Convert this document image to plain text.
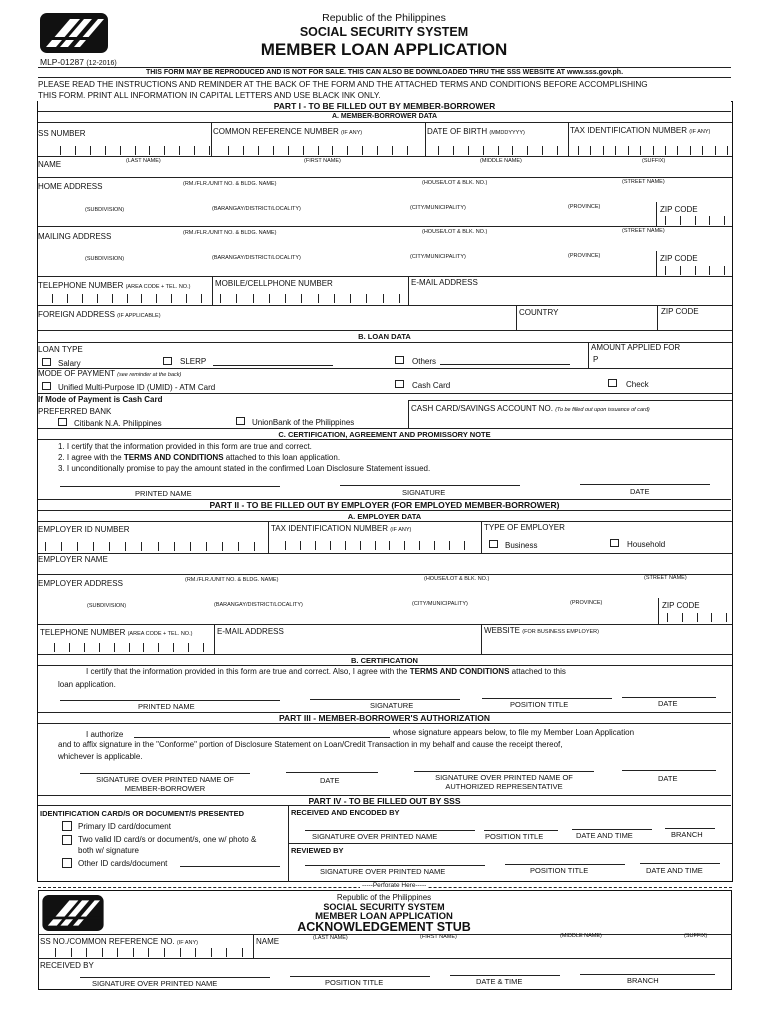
Republic of the Philippines
SOCIAL SECURITY SYSTEM
MEMBER LOAN APPLICATION
MLP-01287 (12-2016)
THIS FORM MAY BE REPRODUCED AND IS NOT FOR SALE. THIS CAN ALSO BE DOWNLOADED THRU THE SSS WEBSITE AT www.sss.gov.ph.
PLEASE READ THE INSTRUCTIONS AND REMINDER AT THE BACK OF THE FORM AND THE ATTACHED TERMS AND CONDITIONS BEFORE ACCOMPLISHING
THIS FORM. PRINT ALL INFORMATION IN CAPITAL LETTERS AND USE BLACK INK ONLY.
PART I - TO BE FILLED OUT BY MEMBER-BORROWER
A. MEMBER-BORROWER DATA
SS NUMBER	COMMON REFERENCE NUMBER (IF ANY)	DATE OF BIRTH (MMDDYYYY)	TAX IDENTIFICATION NUMBER (IF ANY)
NAME	(LAST NAME)	(FIRST NAME)	(MIDDLE NAME)	(SUFFIX)
HOME ADDRESS	(RM./FLR./UNIT NO. & BLDG. NAME)	(HOUSE/LOT & BLK. NO.)	(STREET NAME)
(SUBDIVISION)	(BARANGAY/DISTRICT/LOCALITY)	(CITY/MUNICIPALITY)	(PROVINCE)	ZIP CODE
MAILING ADDRESS	(RM./FLR./UNIT NO. & BLDG. NAME)	(HOUSE/LOT & BLK. NO.)	(STREET NAME)
(SUBDIVISION)	(BARANGAY/DISTRICT/LOCALITY)	(CITY/MUNICIPALITY)	(PROVINCE)	ZIP CODE
TELEPHONE NUMBER (AREA CODE + TEL. NO.)	MOBILE/CELLPHONE NUMBER	E-MAIL ADDRESS
FOREIGN ADDRESS (IF APPLICABLE)	COUNTRY	ZIP CODE
B. LOAN DATA
LOAN TYPE	AMOUNT APPLIED FOR
P
Salary	SLERP	Others
MODE OF PAYMENT (see reminder at the back)
Unified Multi-Purpose ID (UMID) - ATM Card	Cash Card	Check
If Mode of Payment is Cash Card
PREFERRED BANK	CASH CARD/SAVINGS ACCOUNT NO. (To be filled out upon issuance of card)
Citibank N.A. Philippines	UnionBank of the Philippines
C. CERTIFICATION, AGREEMENT AND PROMISSORY NOTE
1. I certify that the information provided in this form are true and correct.
2. I agree with the TERMS AND CONDITIONS attached to this loan application.
3. I unconditionally promise to pay the amount stated in the confirmed Loan Disclosure Statement issued.
PRINTED NAME	SIGNATURE	DATE
PART II - TO BE FILLED OUT BY EMPLOYER (FOR EMPLOYED MEMBER-BORROWER)
A. EMPLOYER DATA
EMPLOYER ID NUMBER	TAX IDENTIFICATION NUMBER (IF ANY)	TYPE OF EMPLOYER
Business	Household
EMPLOYER NAME
EMPLOYER ADDRESS	(RM./FLR./UNIT NO. & BLDG. NAME)	(HOUSE/LOT & BLK. NO.)	(STREET NAME)
(SUBDIVISION)	(BARANGAY/DISTRICT/LOCALITY)	(CITY/MUNICIPALITY)	(PROVINCE)	ZIP CODE
TELEPHONE NUMBER (AREA CODE + TEL. NO.)	E-MAIL ADDRESS	WEBSITE (FOR BUSINESS EMPLOYER)
B. CERTIFICATION
I certify that the information provided in this form are true and correct. Also, I agree with the TERMS AND CONDITIONS attached to this
loan application.
PRINTED NAME	SIGNATURE	POSITION TITLE	DATE
PART III - MEMBER-BORROWER'S AUTHORIZATION
I authorize	whose signature appears below, to file my Member Loan Application
and to affix signature in the "Conforme" portion of Disclosure Statement on Loan/Credit Transaction in my behalf and cause the receipt thereof,
whichever is applicable.
SIGNATURE OVER PRINTED NAME OF
MEMBER-BORROWER
DATE	SIGNATURE OVER PRINTED NAME OF
AUTHORIZED REPRESENTATIVE
DATE
PART IV - TO BE FILLED OUT BY SSS
IDENTIFICATION CARD/S OR DOCUMENT/S PRESENTED
Primary ID card/document
Two valid ID card/s or document/s, one w/ photo &
both w/ signature
Other ID cards/document
RECEIVED AND ENCODED BY
SIGNATURE OVER PRINTED NAME	POSITION TITLE	DATE AND TIME	BRANCH
REVIEWED BY
SIGNATURE OVER PRINTED NAME	POSITION TITLE	DATE AND TIME
-----Perforate Here-----
Republic of the Philippines
SOCIAL SECURITY SYSTEM
MEMBER LOAN APPLICATION
ACKNOWLEDGEMENT STUB
SS NO./COMMON REFERENCE NO. (IF ANY)	NAME	(LAST NAME)	(FIRST NAME)	(MIDDLE NAME)	(SUFFIX)
RECEIVED BY
SIGNATURE OVER PRINTED NAME	POSITION TITLE	DATE & TIME	BRANCH
